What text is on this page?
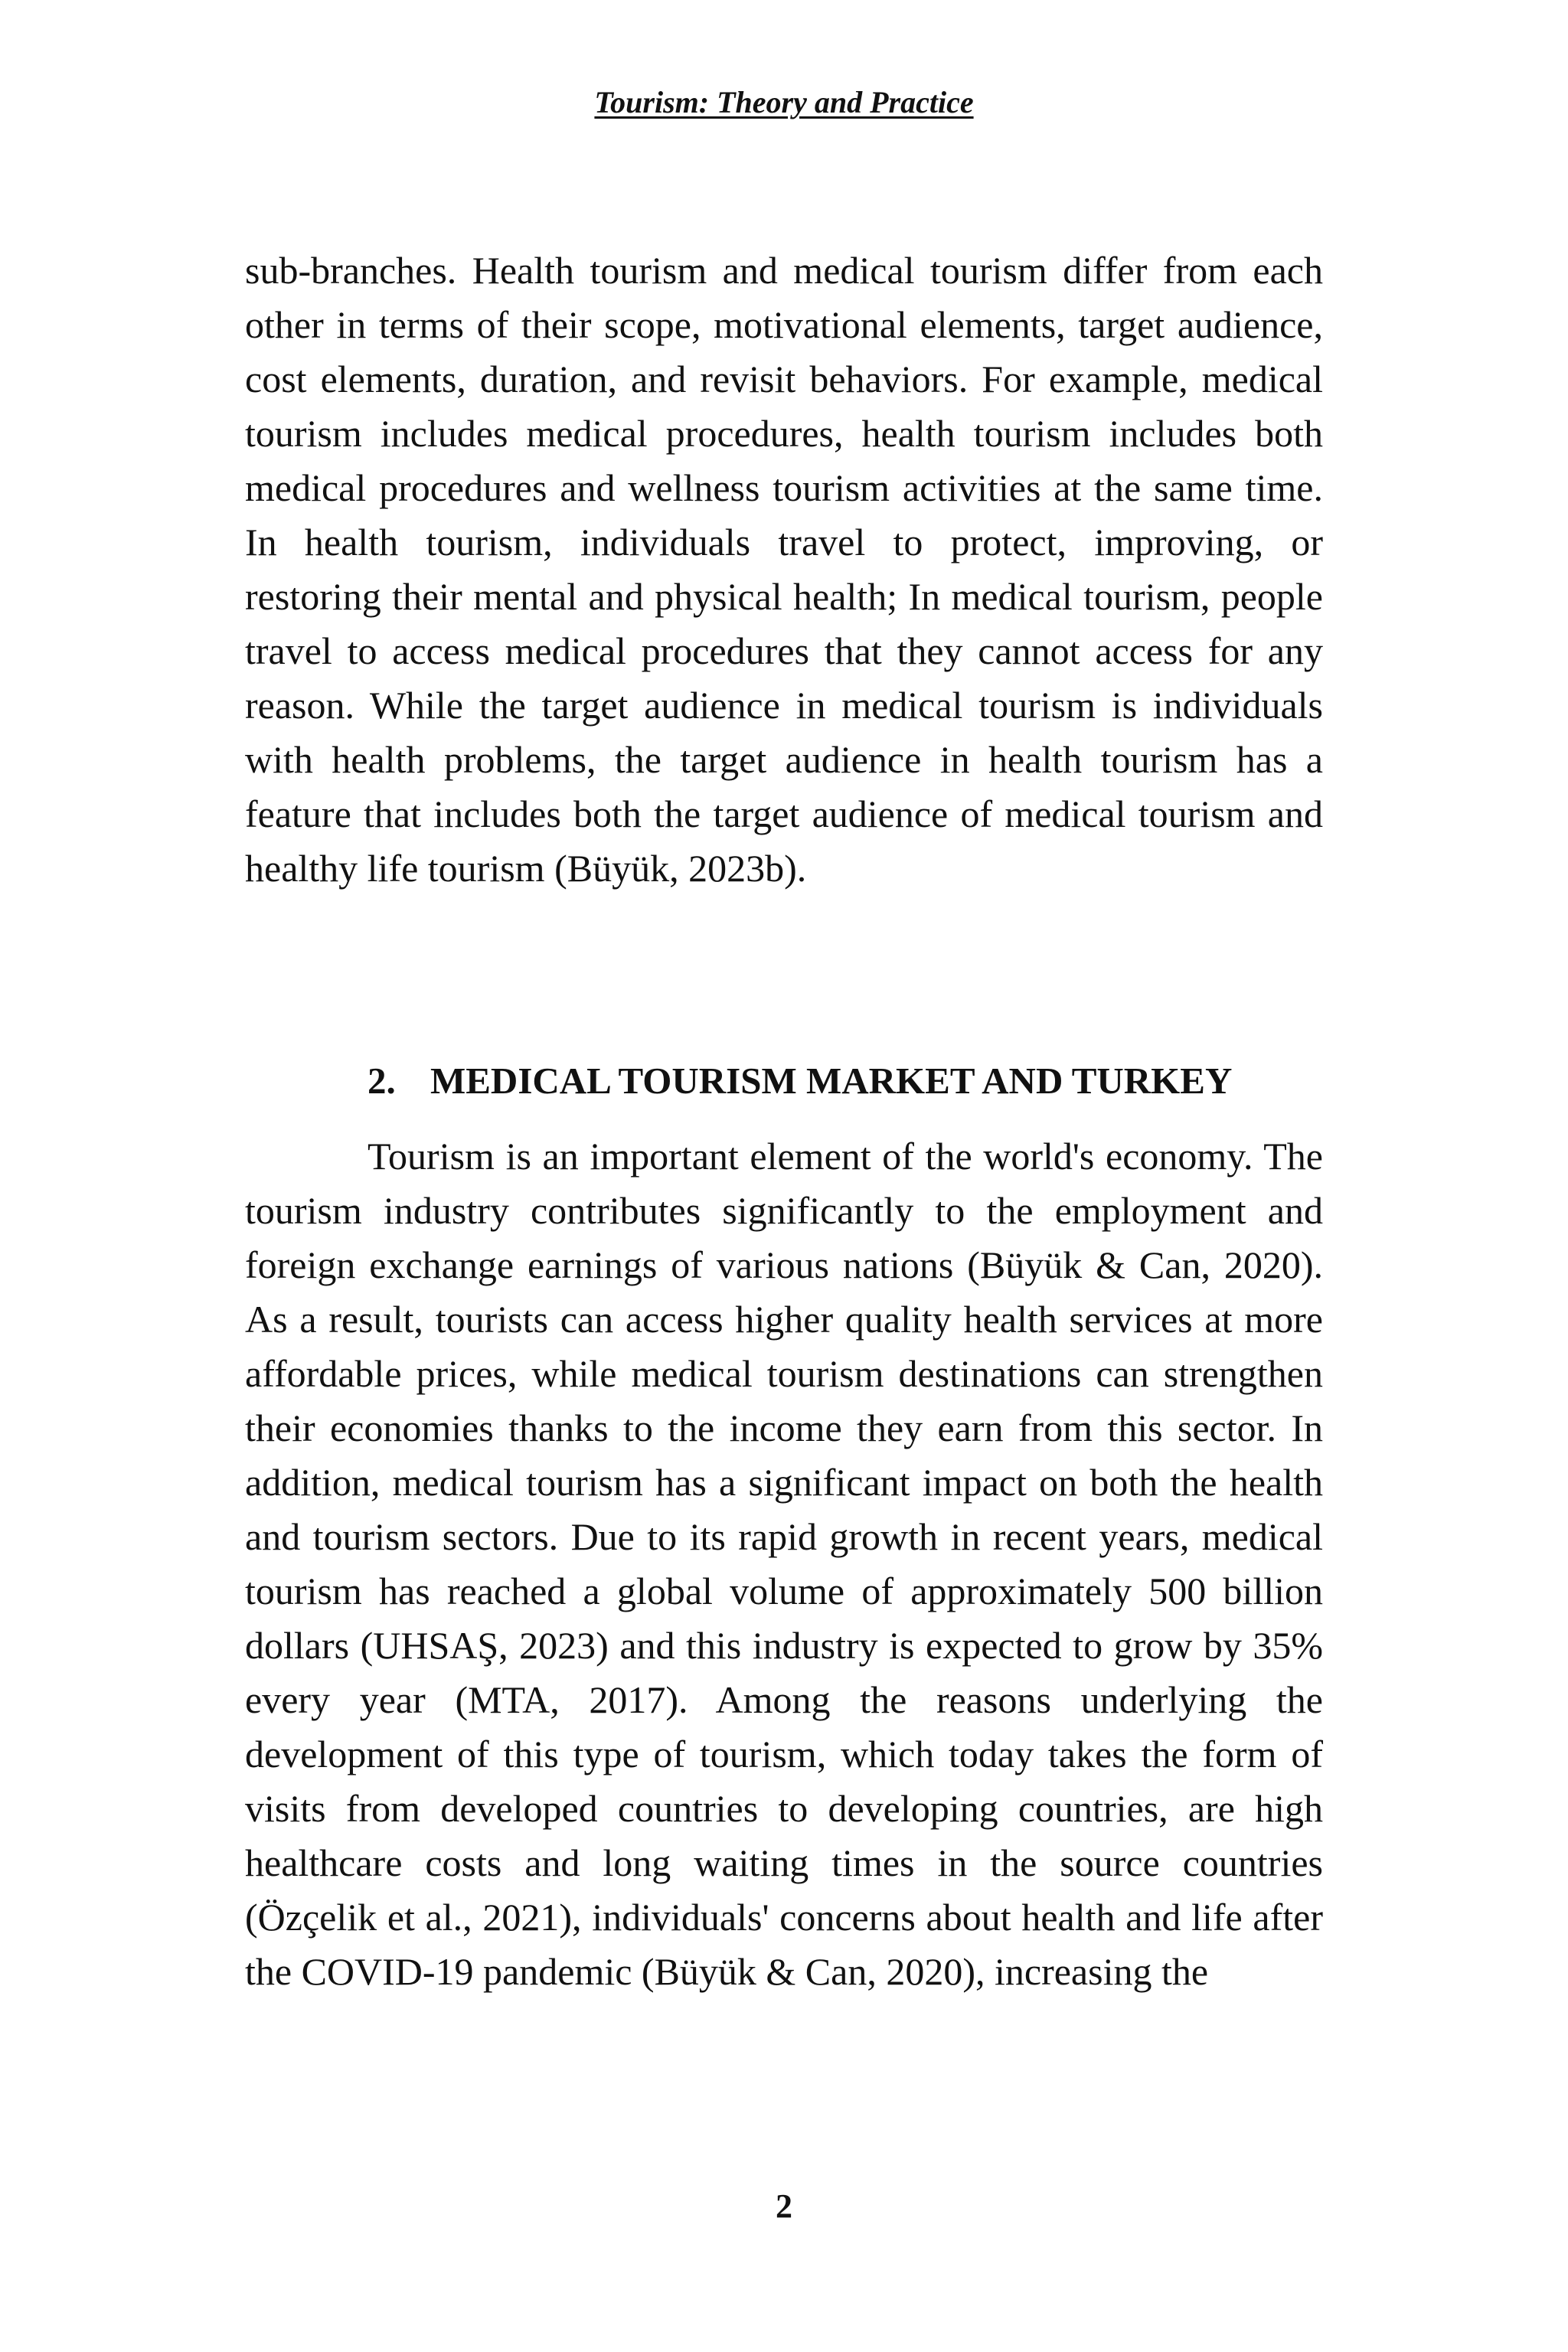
Tourism: Theory and Practice

sub-branches. Health tourism and medical tourism differ from each other in terms of their scope, motivational elements, target audience, cost elements, duration, and revisit behaviors. For example, medical tourism includes medical procedures, health tourism includes both medical procedures and wellness tourism activities at the same time. In health tourism, individuals travel to protect, improving, or restoring their mental and physical health; In medical tourism, people travel to access medical procedures that they cannot access for any reason. While the target audience in medical tourism is individuals with health problems, the target audience in health tourism has a feature that includes both the target audience of medical tourism and healthy life tourism (Büyük, 2023b).

2. MEDICAL TOURISM MARKET AND TURKEY

Tourism is an important element of the world's economy. The tourism industry contributes significantly to the employment and foreign exchange earnings of various nations (Büyük & Can, 2020). As a result, tourists can access higher quality health services at more affordable prices, while medical tourism destinations can strengthen their economies thanks to the income they earn from this sector. In addition, medical tourism has a significant impact on both the health and tourism sectors. Due to its rapid growth in recent years, medical tourism has reached a global volume of approximately 500 billion dollars (UHSAŞ, 2023) and this industry is expected to grow by 35% every year (MTA, 2017). Among the reasons underlying the development of this type of tourism, which today takes the form of visits from developed countries to developing countries, are high healthcare costs and long waiting times in the source countries (Özçelik et al., 2021), individuals' concerns about health and life after the COVID-19 pandemic (Büyük & Can, 2020), increasing the

2
